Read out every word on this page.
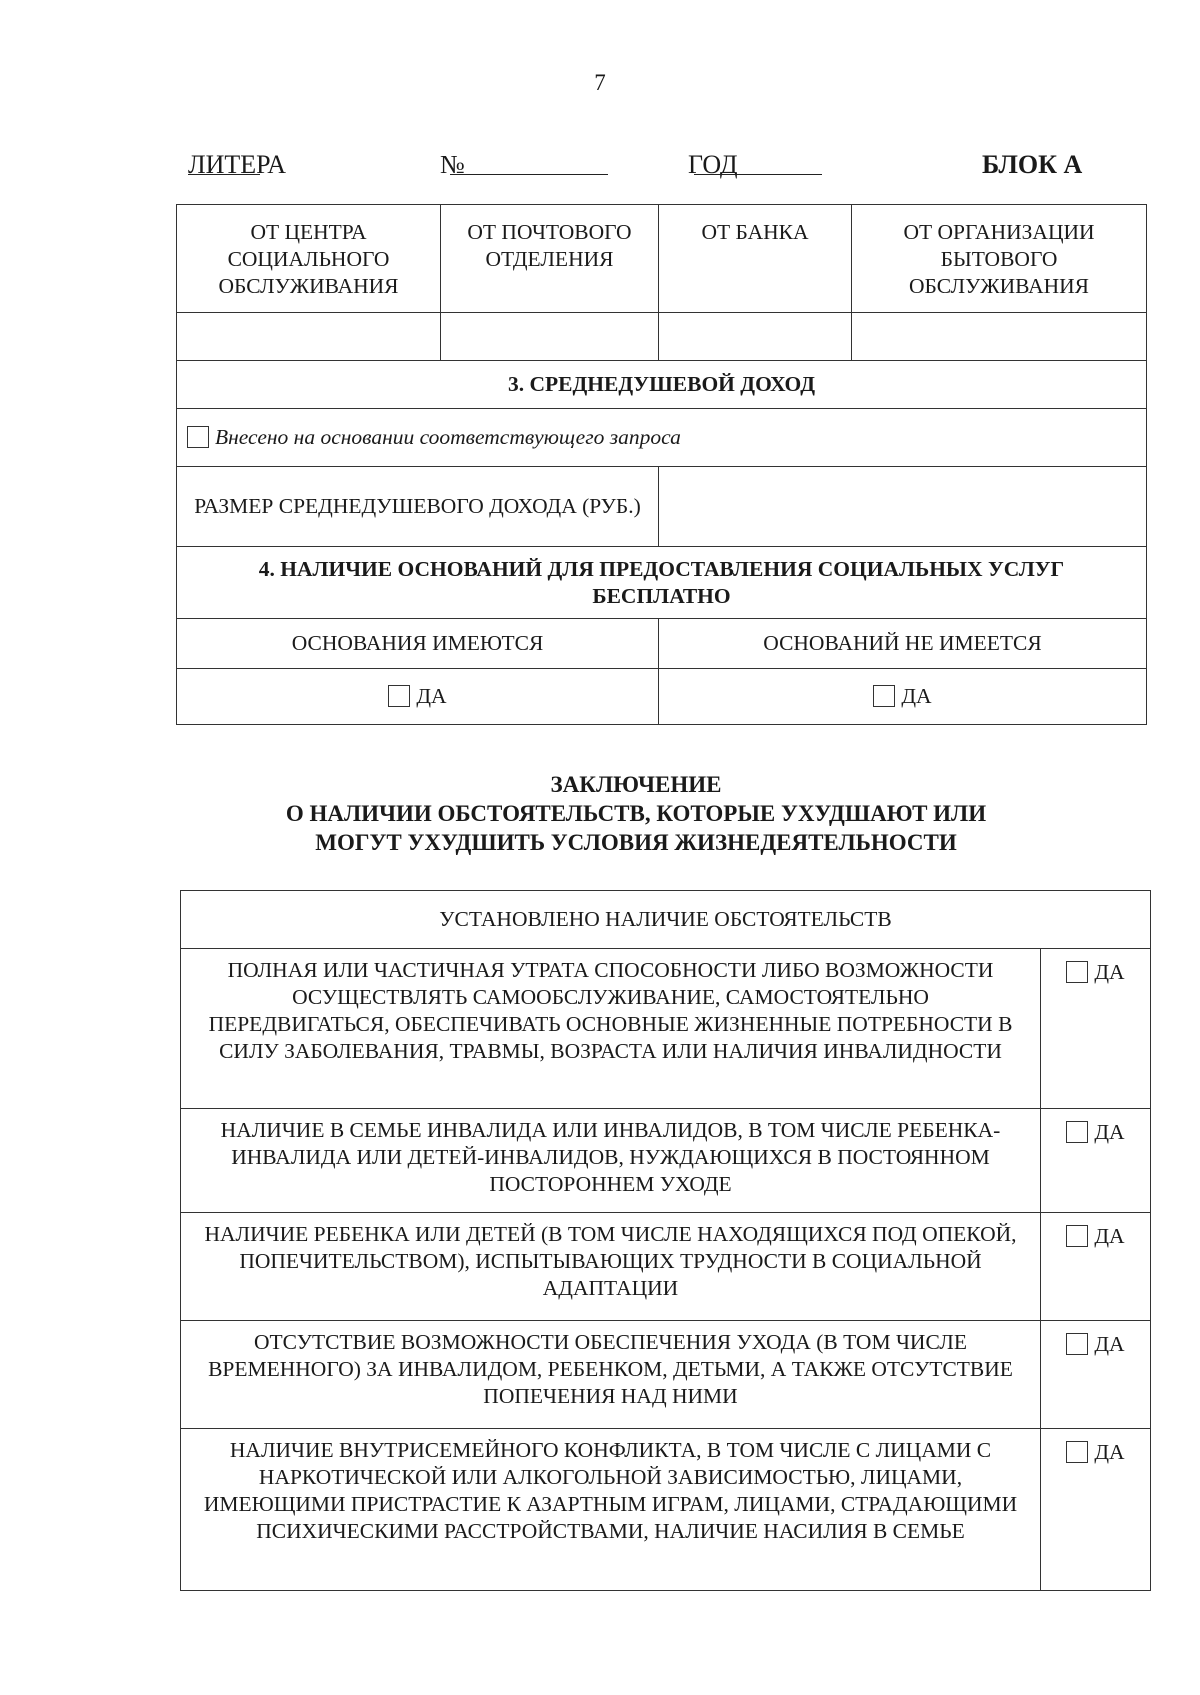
7
ЛИТЕРА	№	ГОД	БЛОК А
ОТ ЦЕНТРА СОЦИАЛЬНОГО ОБСЛУЖИВАНИЯ	ОТ ПОЧТОВОГО ОТДЕЛЕНИЯ	ОТ БАНКА	ОТ ОРГАНИЗАЦИИ БЫТОВОГО ОБСЛУЖИВАНИЯ

3. СРЕДНЕДУШЕВОЙ ДОХОД			
Внесено на основании соответствующего запроса			
РАЗМЕР СРЕДНЕДУШЕВОГО ДОХОДА (РУБ.)			
4. НАЛИЧИЕ ОСНОВАНИЙ ДЛЯ ПРЕДОСТАВЛЕНИЯ СОЦИАЛЬНЫХ УСЛУГ БЕСПЛАТНО			
ОСНОВАНИЯ ИМЕЮТСЯ		ОСНОВАНИЙ НЕ ИМЕЕТСЯ	
ДА		ДА	
ЗАКЛЮЧЕНИЕ
О НАЛИЧИИ ОБСТОЯТЕЛЬСТВ, КОТОРЫЕ УХУДШАЮТ ИЛИ
МОГУТ УХУДШИТЬ УСЛОВИЯ ЖИЗНЕДЕЯТЕЛЬНОСТИ
УСТАНОВЛЕНО НАЛИЧИЕ ОБСТОЯТЕЛЬСТВ	
ПОЛНАЯ ИЛИ ЧАСТИЧНАЯ УТРАТА СПОСОБНОСТИ ЛИБО ВОЗМОЖНОСТИ ОСУЩЕСТВЛЯТЬ САМООБСЛУЖИВАНИЕ, САМОСТОЯТЕЛЬНО ПЕРЕДВИГАТЬСЯ, ОБЕСПЕЧИВАТЬ ОСНОВНЫЕ ЖИЗНЕННЫЕ ПОТРЕБНОСТИ В СИЛУ ЗАБОЛЕВАНИЯ, ТРАВМЫ, ВОЗРАСТА ИЛИ НАЛИЧИЯ ИНВАЛИДНОСТИ	ДА
НАЛИЧИЕ В СЕМЬЕ ИНВАЛИДА ИЛИ ИНВАЛИДОВ, В ТОМ ЧИСЛЕ РЕБЕНКА-ИНВАЛИДА ИЛИ ДЕТЕЙ-ИНВАЛИДОВ, НУЖДАЮЩИХСЯ В ПОСТОЯННОМ ПОСТОРОННЕМ УХОДЕ	ДА
НАЛИЧИЕ РЕБЕНКА ИЛИ ДЕТЕЙ (В ТОМ ЧИСЛЕ НАХОДЯЩИХСЯ ПОД ОПЕКОЙ, ПОПЕЧИТЕЛЬСТВОМ), ИСПЫТЫВАЮЩИХ ТРУДНОСТИ В СОЦИАЛЬНОЙ АДАПТАЦИИ	ДА
ОТСУТСТВИЕ ВОЗМОЖНОСТИ ОБЕСПЕЧЕНИЯ УХОДА (В ТОМ ЧИСЛЕ ВРЕМЕННОГО) ЗА ИНВАЛИДОМ, РЕБЕНКОМ, ДЕТЬМИ, А ТАКЖЕ ОТСУТСТВИЕ ПОПЕЧЕНИЯ НАД НИМИ	ДА
НАЛИЧИЕ ВНУТРИСЕМЕЙНОГО КОНФЛИКТА, В ТОМ ЧИСЛЕ С ЛИЦАМИ С НАРКОТИЧЕСКОЙ ИЛИ АЛКОГОЛЬНОЙ ЗАВИСИМОСТЬЮ, ЛИЦАМИ, ИМЕЮЩИМИ ПРИСТРАСТИЕ К АЗАРТНЫМ ИГРАМ, ЛИЦАМИ, СТРАДАЮЩИМИ ПСИХИЧЕСКИМИ РАССТРОЙСТВАМИ, НАЛИЧИЕ НАСИЛИЯ В СЕМЬЕ	ДА
